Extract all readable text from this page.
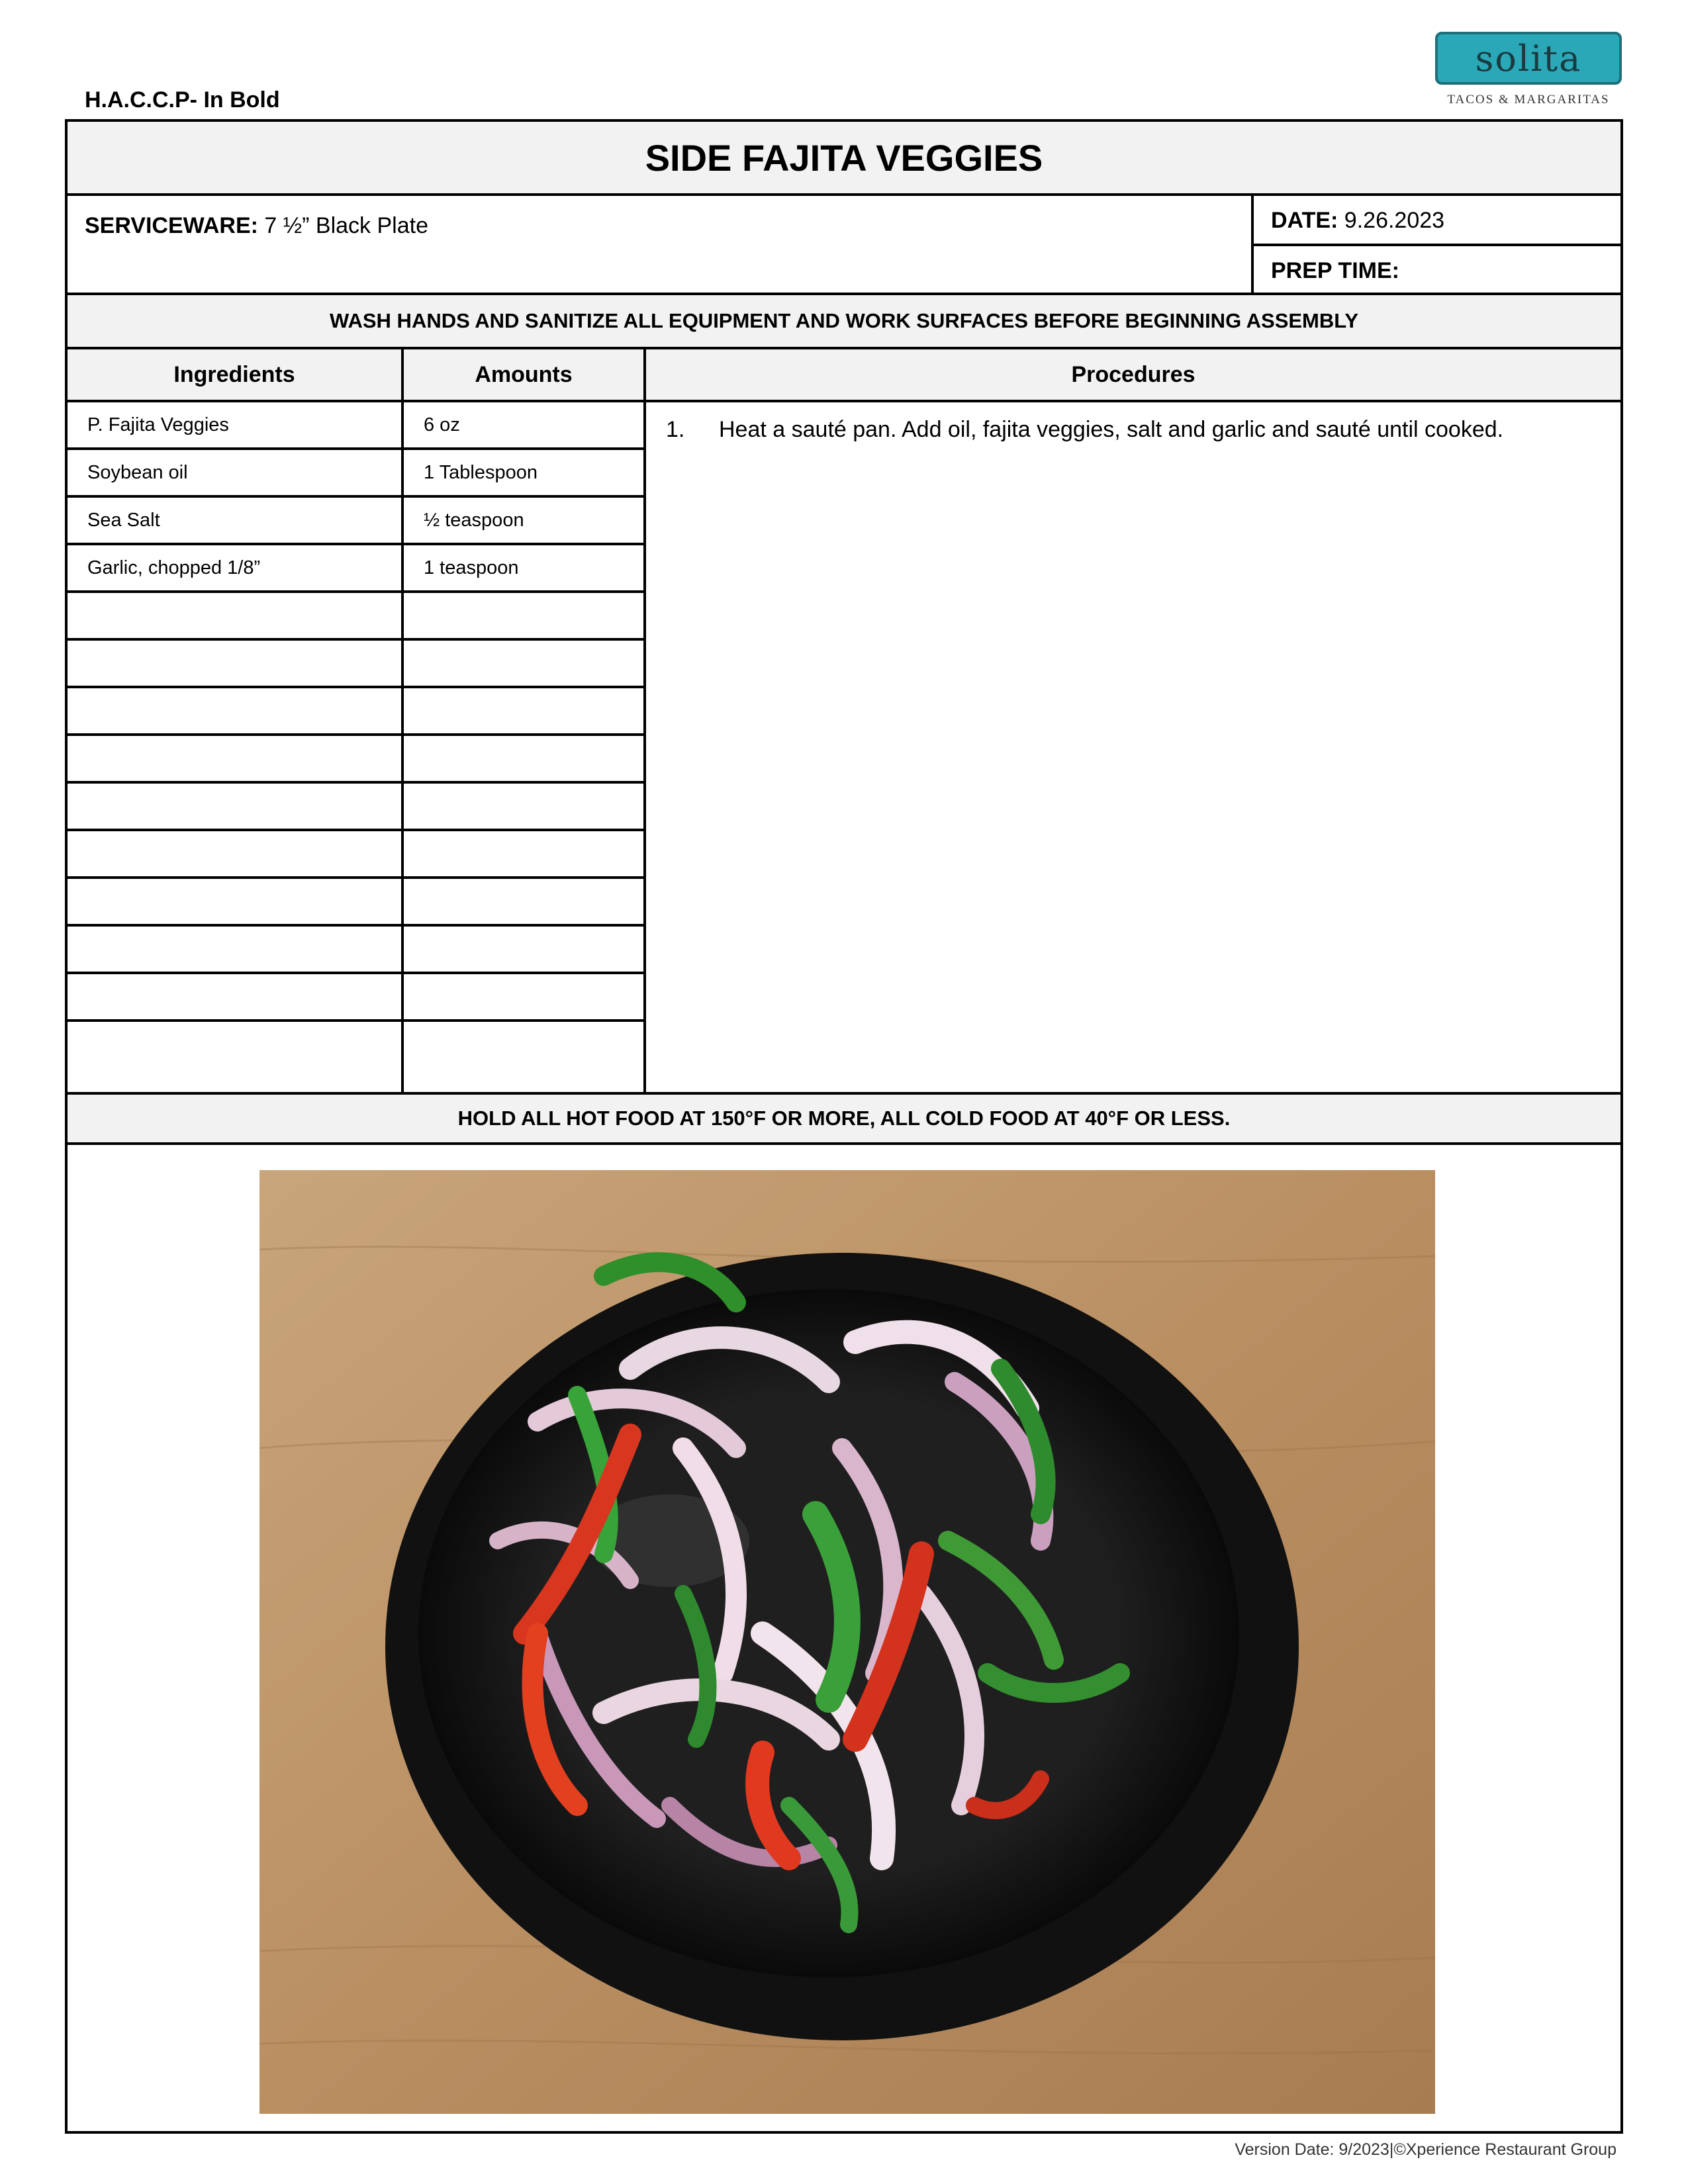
H.A.C.C.P- In Bold
solita
TACOS & MARGARITAS
SIDE FAJITA VEGGIES
SERVICEWARE: 7 ½” Black Plate	DATE: 9.26.2023
PREP TIME:
WASH HANDS AND SANITIZE ALL EQUIPMENT AND WORK SURFACES BEFORE BEGINNING ASSEMBLY
Ingredients	Amounts	Procedures
P. Fajita Veggies	6 oz
Soybean oil	1 Tablespoon
Sea Salt	½ teaspoon
Garlic, chopped 1/8”	1 teaspoon
1.	Heat a sauté pan. Add oil, fajita veggies, salt and garlic and sauté until cooked.
HOLD ALL HOT FOOD AT 150°F OR MORE, ALL COLD FOOD AT 40°F OR LESS.
Version Date: 9/2023|©Xperience Restaurant Group
